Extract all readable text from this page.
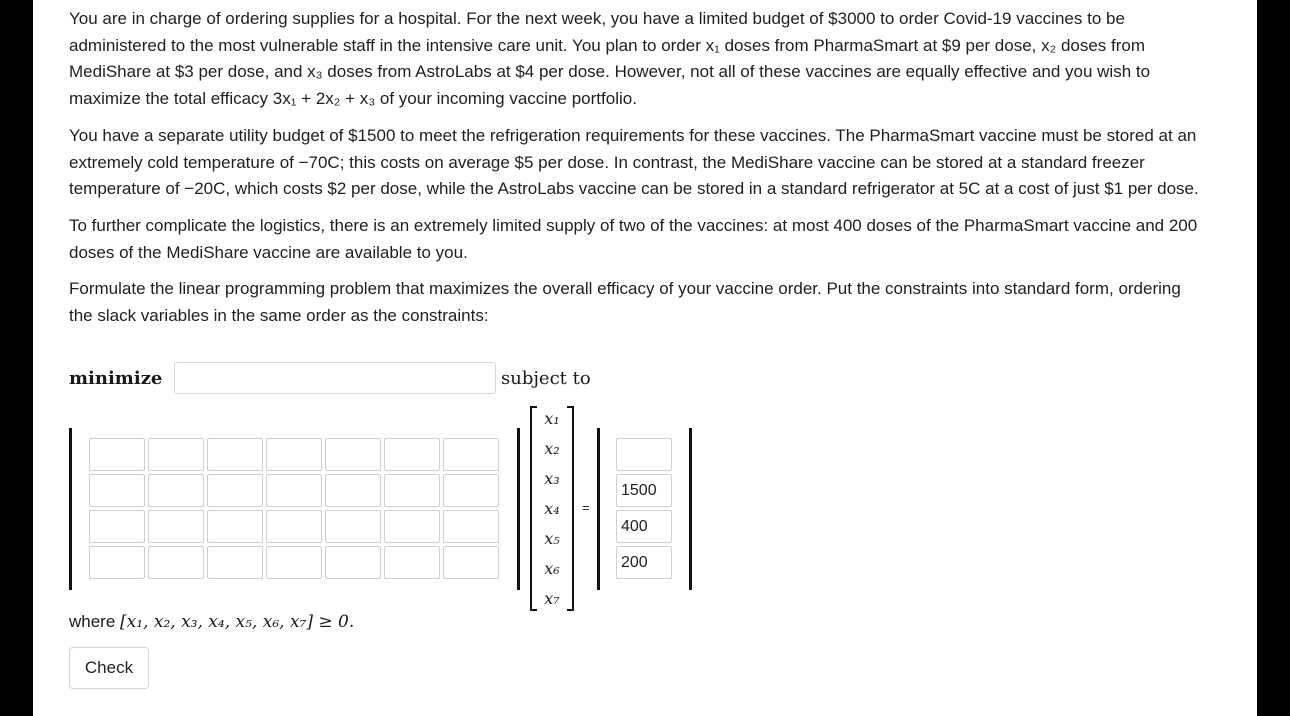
You are in charge of ordering supplies for a hospital. For the next week, you have a limited budget of $3000 to order Covid-19 vaccines to be administered to the most vulnerable staff in the intensive care unit. You plan to order x₁ doses from PharmaSmart at $9 per dose, x₂ doses from MediShare at $3 per dose, and x₃ doses from AstroLabs at $4 per dose. However, not all of these vaccines are equally effective and you wish to maximize the total efficacy 3x₁ + 2x₂ + x₃ of your incoming vaccine portfolio.

You have a separate utility budget of $1500 to meet the refrigeration requirements for these vaccines. The PharmaSmart vaccine must be stored at an extremely cold temperature of −70C; this costs on average $5 per dose. In contrast, the MediShare vaccine can be stored at a standard freezer temperature of −20C, which costs $2 per dose, while the AstroLabs vaccine can be stored in a standard refrigerator at 5C at a cost of just $1 per dose.

To further complicate the logistics, there is an extremely limited supply of two of the vaccines: at most 400 doses of the PharmaSmart vaccine and 200 doses of the MediShare vaccine are available to you.

Formulate the linear programming problem that maximizes the overall efficacy of your vaccine order. Put the constraints into standard form, ordering the slack variables in the same order as the constraints:

minimize	subject to
x₁
x₂
x₃
x₄
x₅
x₆
x₇
=
1500
400
200
where [x₁, x₂, x₃, x₄, x₅, x₆, x₇] ≥ 0.
Check
